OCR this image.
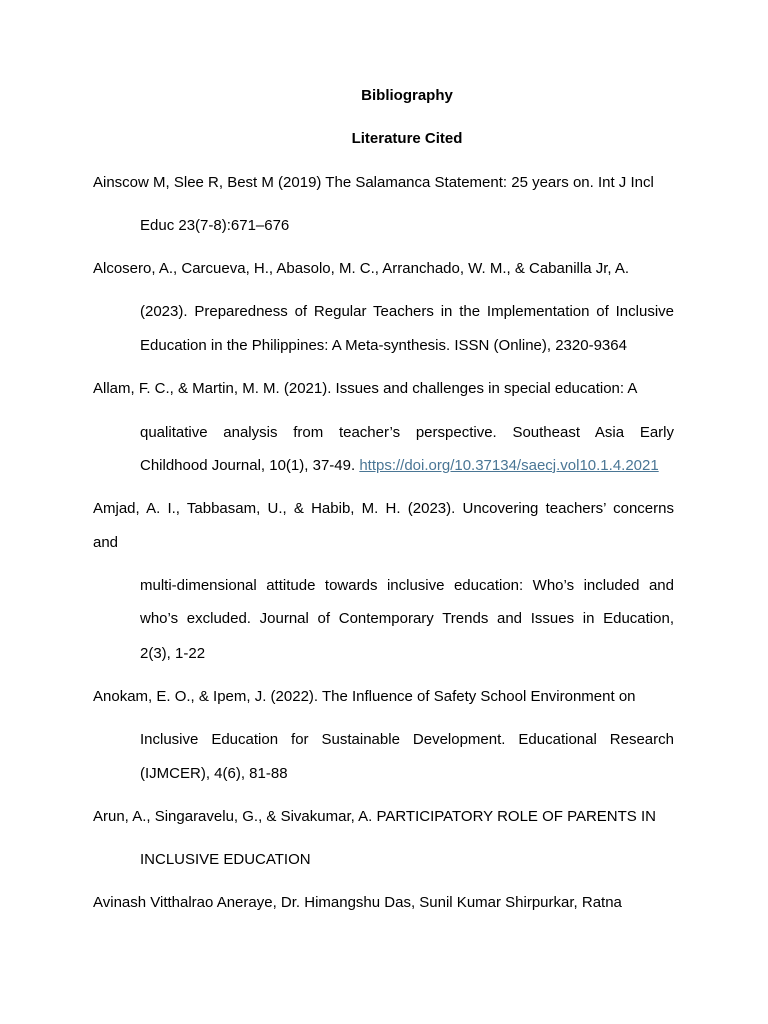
Bibliography
Literature Cited
Ainscow M, Slee R, Best M (2019) The Salamanca Statement: 25 years on. Int J Incl
Educ 23(7-8):671–676
Alcosero, A., Carcueva, H., Abasolo, M. C., Arranchado, W. M., & Cabanilla Jr, A.
(2023). Preparedness of Regular Teachers in the Implementation of Inclusive
Education in the Philippines: A Meta-synthesis. ISSN (Online), 2320-9364
Allam, F. C., & Martin, M. M. (2021). Issues and challenges in special education: A
qualitative analysis from teacher’s perspective. Southeast Asia Early
Childhood Journal, 10(1), 37-49. https://doi.org/10.37134/saecj.vol10.1.4.2021
Amjad, A. I., Tabbasam, U., & Habib, M. H. (2023). Uncovering teachers’ concerns
and
multi-dimensional attitude towards inclusive education: Who’s included and
who’s excluded. Journal of Contemporary Trends and Issues in Education,
2(3), 1-22
Anokam, E. O., & Ipem, J. (2022). The Influence of Safety School Environment on
Inclusive Education for Sustainable Development. Educational Research
(IJMCER), 4(6), 81-88
Arun, A., Singaravelu, G., & Sivakumar, A. PARTICIPATORY ROLE OF PARENTS IN
INCLUSIVE EDUCATION
Avinash Vitthalrao Aneraye, Dr. Himangshu Das, Sunil Kumar Shirpurkar, Ratna
